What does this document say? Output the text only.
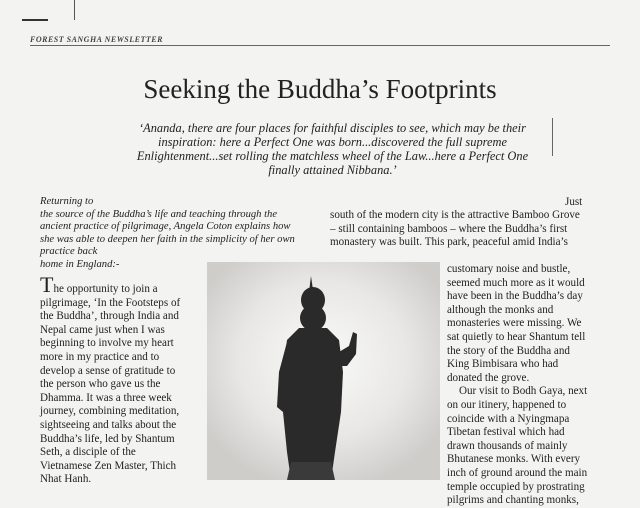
FOREST SANGHA NEWSLETTER
Seeking the Buddha’s Footprints
‘Ananda, there are four places for faithful disciples to see, which may be their
inspiration: here a Perfect One was born...discovered the full supreme
Enlightenment...set rolling the matchless wheel of the Law...here a Perfect One
finally attained Nibbana.’
Returning to
the source of the Buddha’s life and teaching through the
ancient practice of pilgrimage, Angela Coton explains how
she was able to deepen her faith in the simplicity of her own
practice back
home in England:-
The opportunity to join a
pilgrimage, ‘In the Footsteps of
the Buddha’, through India and
Nepal came just when I was
beginning to involve my heart
more in my practice and to
develop a sense of gratitude to
the person who gave us the
Dhamma. It was a three week
journey, combining meditation,
sightseeing and talks about the
Buddha’s life, led by Shantum
Seth, a disciple of the
Vietnamese Zen Master, Thich
Nhat Hanh.
Just
south of the modern city is the attractive Bamboo Grove
– still containing bamboos – where the Buddha’s first
monastery was built. This park, peaceful amid India’s
customary noise and bustle,
seemed much more as it would
have been in the Buddha’s day
although the monks and
monasteries were missing. We
sat quietly to hear Shantum tell
the story of the Buddha and
King Bimbisara who had
donated the grove.
Our visit to Bodh Gaya, next
on our itinery, happened to
coincide with a Nyingmapa
Tibetan festival which had
drawn thousands of mainly
Bhutanese monks. With every
inch of ground around the main
temple occupied by prostrating
pilgrims and chanting monks,
